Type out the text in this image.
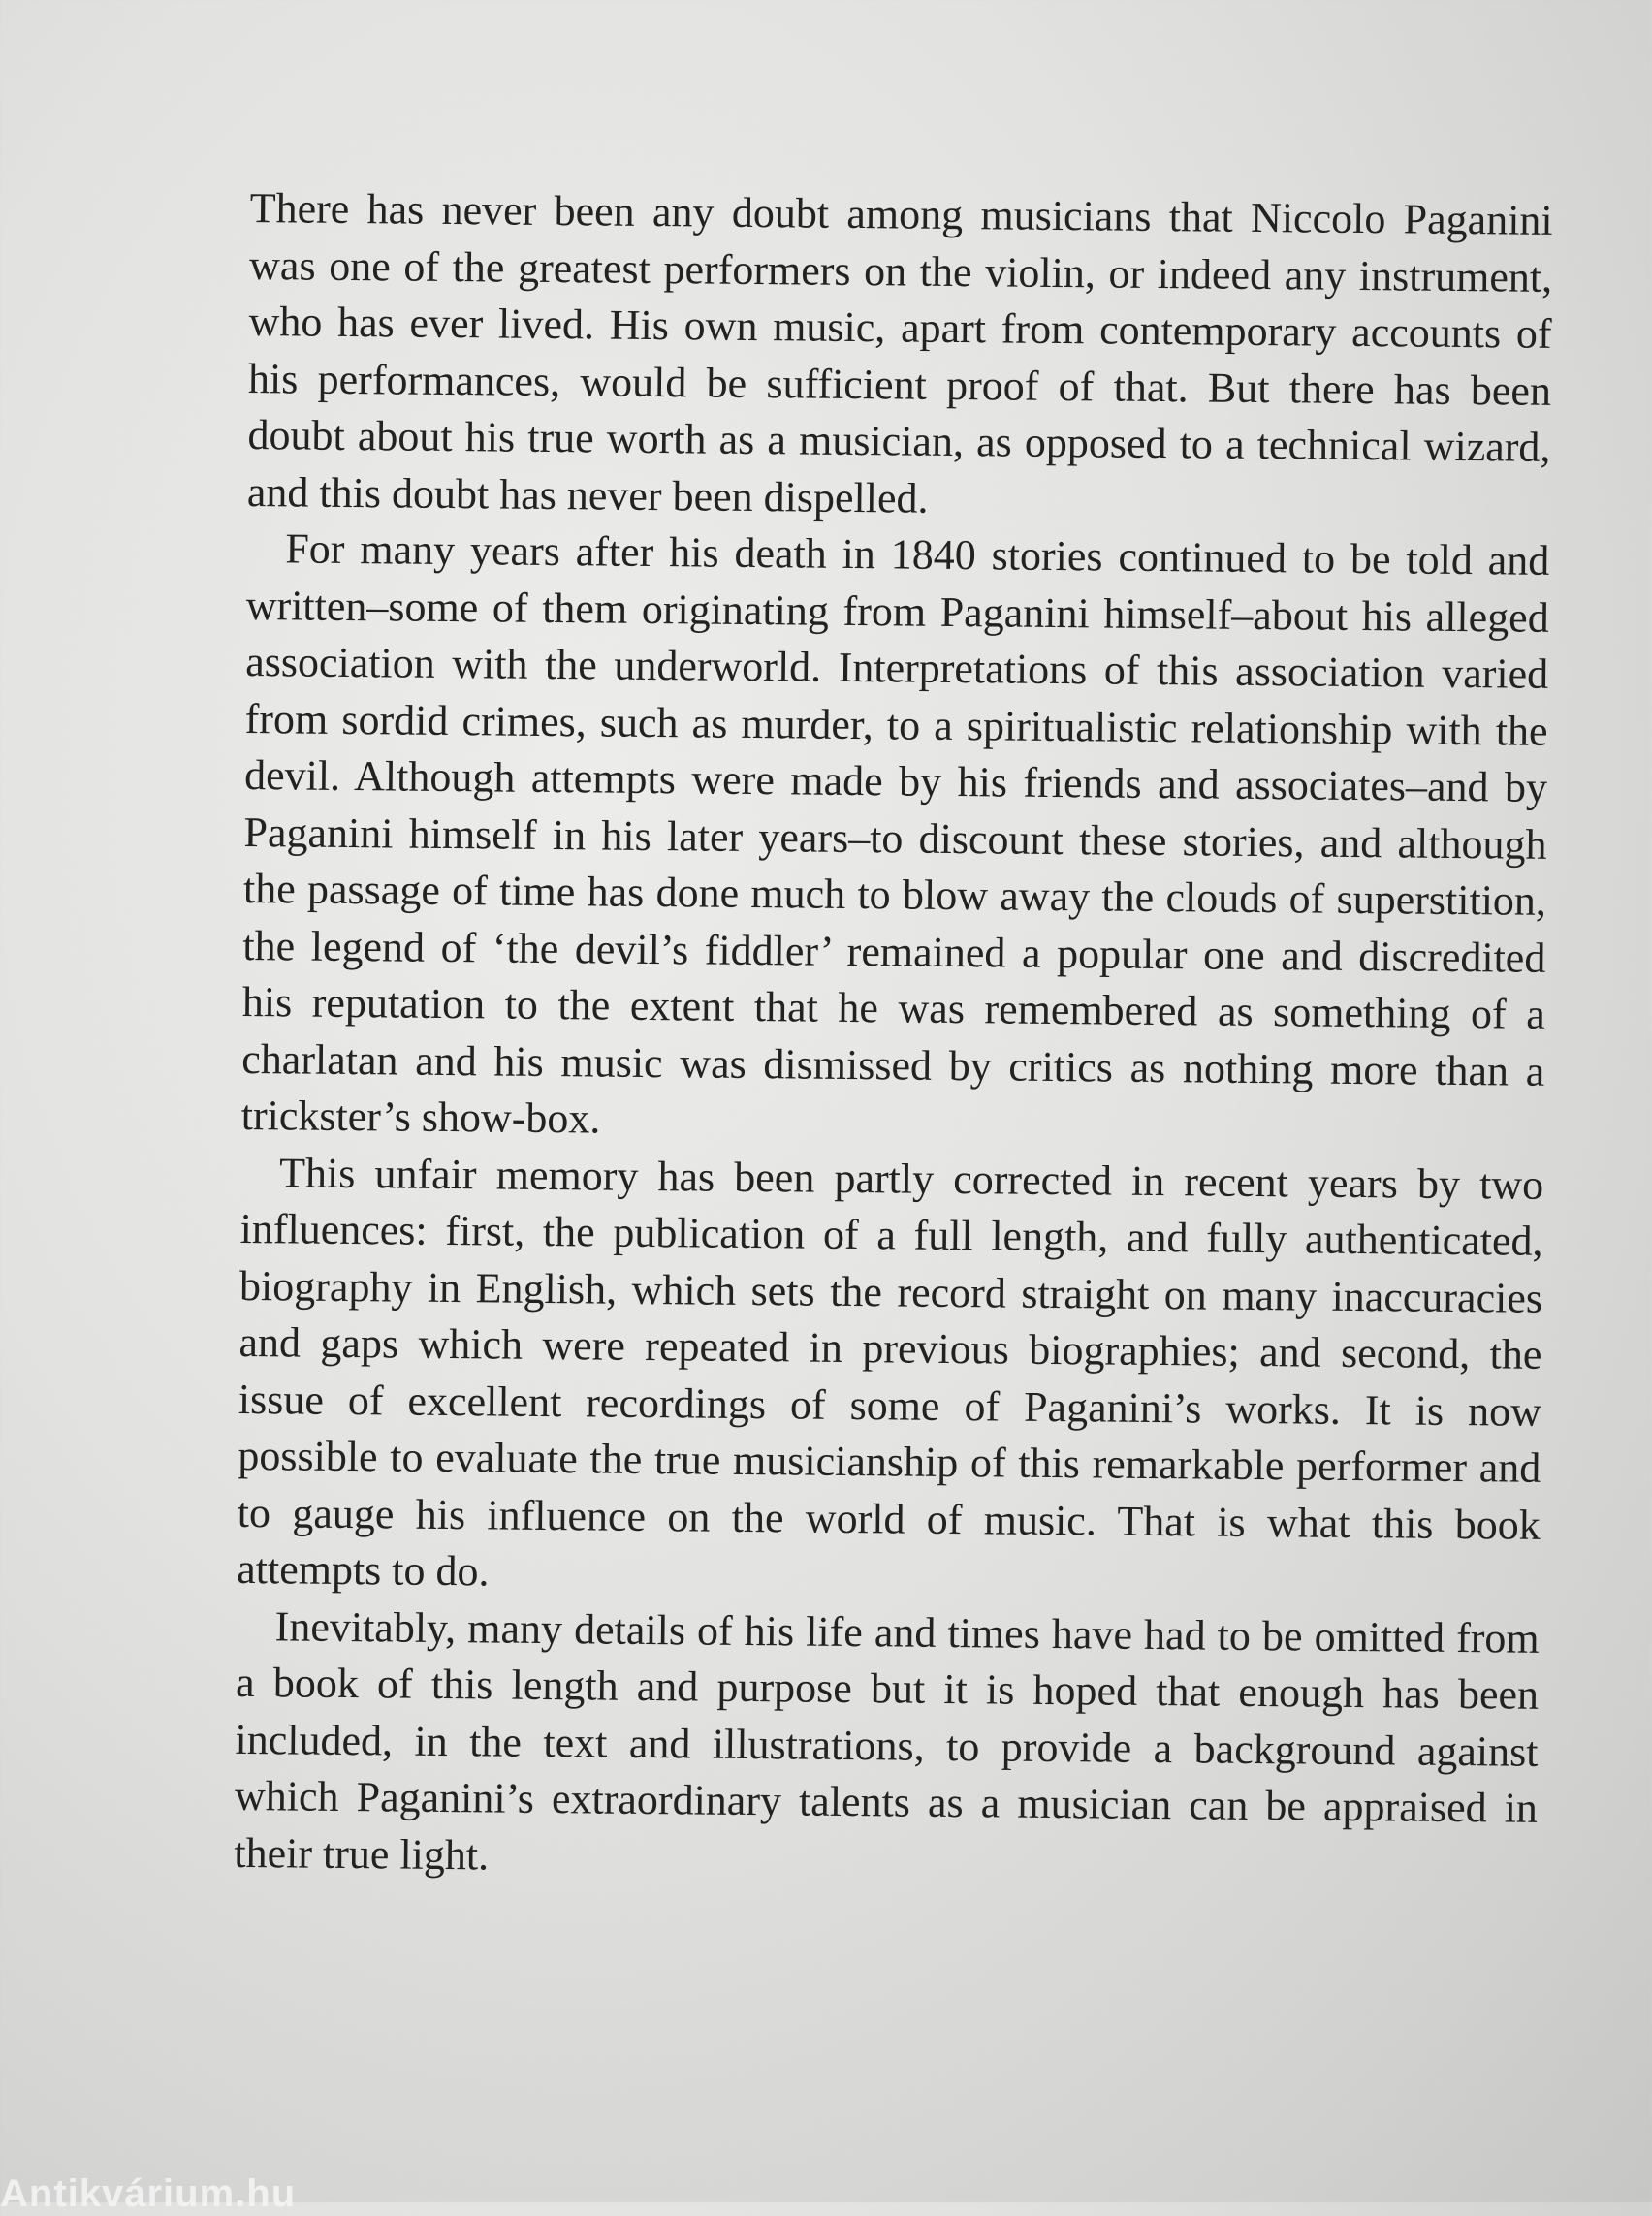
There has never been any doubt among musicians that Niccolo Paganini was one of the greatest performers on the violin, or indeed any instrument, who has ever lived. His own music, apart from contemporary accounts of his performances, would be sufficient proof of that. But there has been doubt about his true worth as a musician, as opposed to a technical wizard, and this doubt has never been dispelled.

For many years after his death in 1840 stories continued to be told and written–some of them originating from Paganini himself–about his alleged association with the underworld. Interpretations of this association varied from sordid crimes, such as murder, to a spiritualistic relationship with the devil. Although attempts were made by his friends and associates–and by Paganini himself in his later years–to discount these stories, and although the passage of time has done much to blow away the clouds of superstition, the legend of ‘the devil’s fiddler’ remained a popular one and discredited his reputation to the extent that he was remembered as something of a charlatan and his music was dismissed by critics as nothing more than a trickster’s show-box.

This unfair memory has been partly corrected in recent years by two influences: first, the publication of a full length, and fully authenticated, biography in English, which sets the record straight on many inaccuracies and gaps which were repeated in previous biographies; and second, the issue of excellent recordings of some of Paganini’s works. It is now possible to evaluate the true musicianship of this remarkable performer and to gauge his influence on the world of music. That is what this book attempts to do.

Inevitably, many details of his life and times have had to be omitted from a book of this length and purpose but it is hoped that enough has been included, in the text and illustrations, to provide a background against which Paganini’s extraordinary talents as a musician can be appraised in their true light.

Antikvárium.hu
